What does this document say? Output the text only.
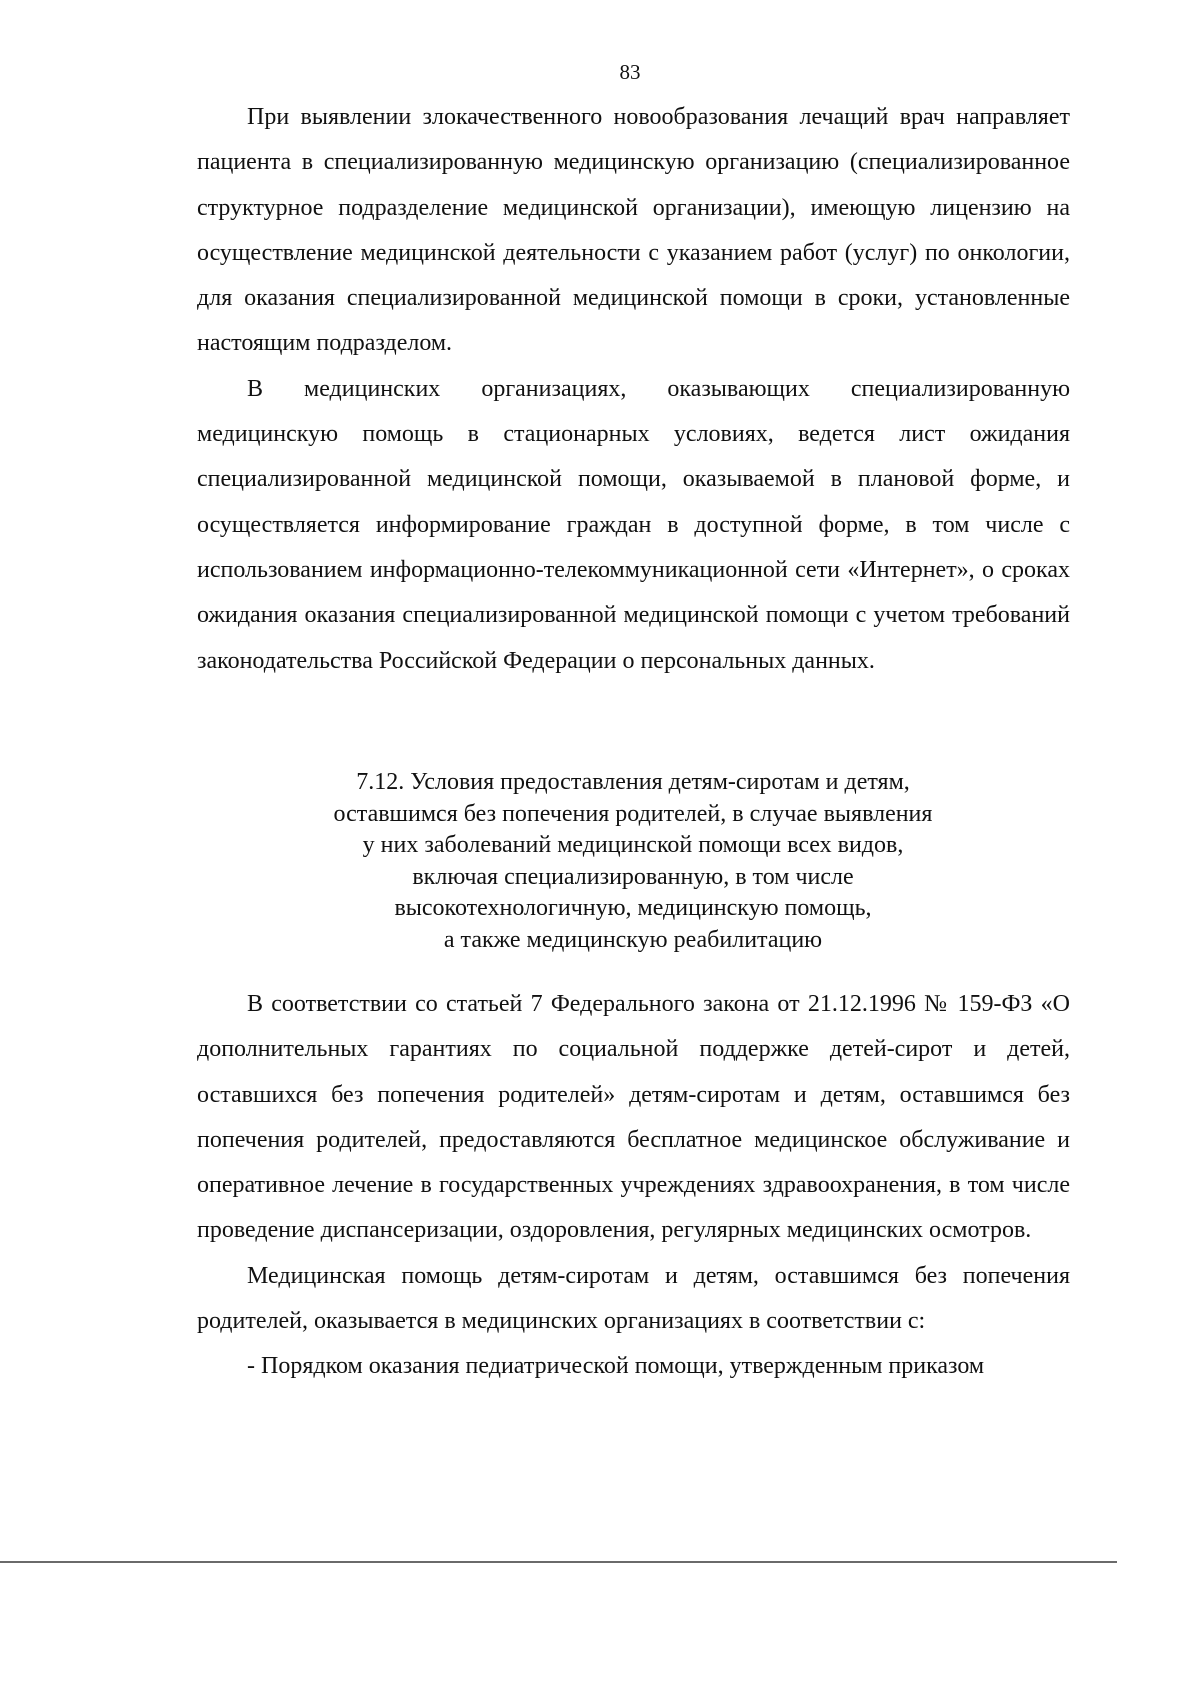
83

При выявлении злокачественного новообразования лечащий врач направляет пациента в специализированную медицинскую организацию (специализированное структурное подразделение медицинской организации), имеющую лицензию на осуществление медицинской деятельности с указанием работ (услуг) по онкологии, для оказания специализированной медицинской помощи в сроки, установленные настоящим подразделом.

В медицинских организациях, оказывающих специализированную медицинскую помощь в стационарных условиях, ведется лист ожидания специализированной медицинской помощи, оказываемой в плановой форме, и осуществляется информирование граждан в доступной форме, в том числе с использованием информационно-телекоммуникационной сети «Интернет», о сроках ожидания оказания специализированной медицинской помощи с учетом требований законодательства Российской Федерации о персональных данных.

7.12. Условия предоставления детям-сиротам и детям,
оставшимся без попечения родителей, в случае выявления
у них заболеваний медицинской помощи всех видов,
включая специализированную, в том числе
высокотехнологичную, медицинскую помощь,
а также медицинскую реабилитацию

В соответствии со статьей 7 Федерального закона от 21.12.1996 № 159-ФЗ «О дополнительных гарантиях по социальной поддержке детей-сирот и детей, оставшихся без попечения родителей» детям-сиротам и детям, оставшимся без попечения родителей, предоставляются бесплатное медицинское обслуживание и оперативное лечение в государственных учреждениях здравоохранения, в том числе проведение диспансеризации, оздоровления, регулярных медицинских осмотров.

Медицинская помощь детям-сиротам и детям, оставшимся без попечения родителей, оказывается в медицинских организациях в соответствии с:

- Порядком оказания педиатрической помощи, утвержденным приказом
